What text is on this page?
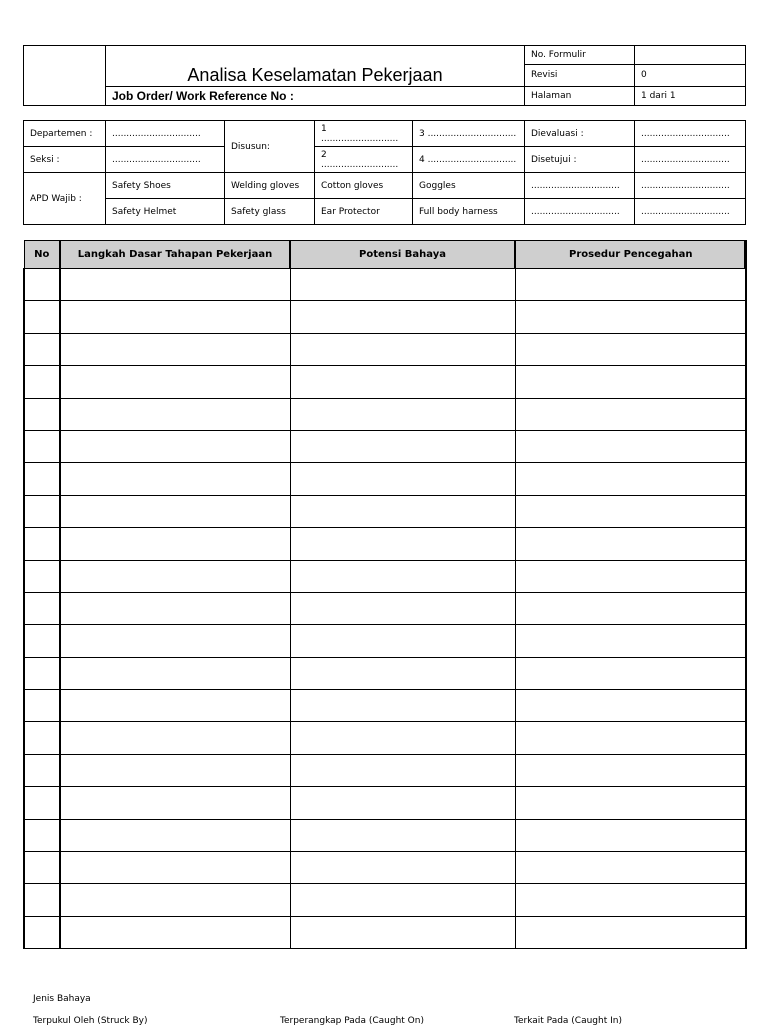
		No. Formulir	
	Analisa Keselamatan Pekerjaan	Revisi	0
	Job Order/ Work Reference No :	Halaman	1 dari 1
Departemen :	...............................	Disusun:	1 ...........................	3 ...............................	Dievaluasi :	...............................
Seksi :	...............................		2 ...........................	4 ...............................	Disetujui :	...............................
APD Wajib :	Safety Shoes	Welding gloves	Cotton gloves	Goggles	...............................	...............................
	Safety Helmet	Safety glass	Ear Protector	Full body harness	...............................	...............................
No	Langkah Dasar Tahapan Pekerjaan	Potensi Bahaya	Prosedur Pencegahan

Jenis Bahaya
Terpukul Oleh (Struck By)	Terperangkap Pada (Caught On)	Terkait Pada (Caught In)
